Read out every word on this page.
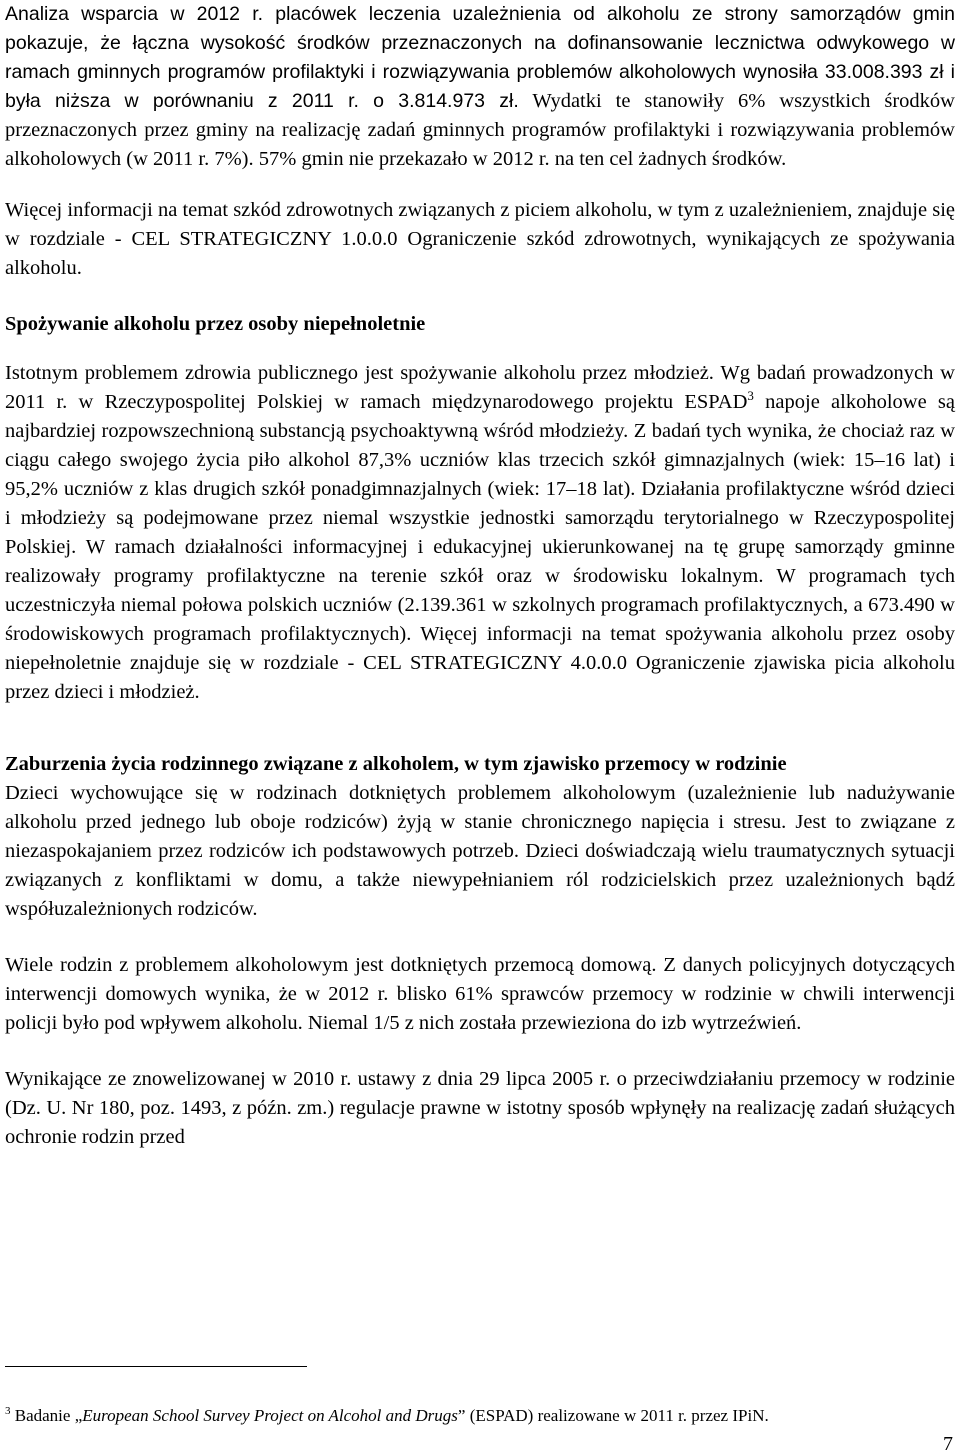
Analiza wsparcia w 2012 r. placówek leczenia uzależnienia od alkoholu ze strony samorządów gmin pokazuje, że łączna wysokość środków przeznaczonych na dofinansowanie lecznictwa odwykowego w ramach gminnych programów profilaktyki i rozwiązywania problemów alkoholowych wynosiła 33.008.393 zł i była niższa w porównaniu z 2011 r. o 3.814.973 zł. Wydatki te stanowiły 6% wszystkich środków przeznaczonych przez gminy na realizację zadań gminnych programów profilaktyki i rozwiązywania problemów alkoholowych (w 2011 r. 7%). 57% gmin nie przekazało w 2012 r. na ten cel żadnych środków.

Więcej informacji na temat szkód zdrowotnych związanych z piciem alkoholu, w tym z uzależnieniem, znajduje się w rozdziale - CEL STRATEGICZNY 1.0.0.0 Ograniczenie szkód zdrowotnych, wynikających ze spożywania alkoholu.

Spożywanie alkoholu przez osoby niepełnoletnie

Istotnym problemem zdrowia publicznego jest spożywanie alkoholu przez młodzież. Wg badań prowadzonych w 2011 r. w Rzeczypospolitej Polskiej w ramach międzynarodowego projektu ESPAD$^3$ napoje alkoholowe są najbardziej rozpowszechnioną substancją psychoaktywną wśród młodzieży. Z badań tych wynika, że chociaż raz w ciągu całego swojego życia piło alkohol 87,3% uczniów klas trzecich szkół gimnazjalnych (wiek: 15–16 lat) i 95,2% uczniów z klas drugich szkół ponadgimnazjalnych (wiek: 17–18 lat). Działania profilaktyczne wśród dzieci i młodzieży są podejmowane przez niemal wszystkie jednostki samorządu terytorialnego w Rzeczypospolitej Polskiej. W ramach działalności informacyjnej i edukacyjnej ukierunkowanej na tę grupę samorządy gminne realizowały programy profilaktyczne na terenie szkół oraz w środowisku lokalnym. W programach tych uczestniczyła niemal połowa polskich uczniów (2.139.361 w szkolnych programach profilaktycznych, a 673.490 w środowiskowych programach profilaktycznych). Więcej informacji na temat spożywania alkoholu przez osoby niepełnoletnie znajduje się w rozdziale - CEL STRATEGICZNY 4.0.0.0 Ograniczenie zjawiska picia alkoholu przez dzieci i młodzież.

Zaburzenia życia rodzinnego związane z alkoholem, w tym zjawisko przemocy w rodzinie

Dzieci wychowujące się w rodzinach dotkniętych problemem alkoholowym (uzależnienie lub nadużywanie alkoholu przed jednego lub oboje rodziców) żyją w stanie chronicznego napięcia i stresu. Jest to związane z niezaspokajaniem przez rodziców ich podstawowych potrzeb. Dzieci doświadczają wielu traumatycznych sytuacji związanych z konfliktami w domu, a także niewypełnianiem ról rodzicielskich przez uzależnionych bądź współuzależnionych rodziców.

Wiele rodzin z problemem alkoholowym jest dotkniętych przemocą domową. Z danych policyjnych dotyczących interwencji domowych wynika, że w 2012 r. blisko 61% sprawców przemocy w rodzinie w chwili interwencji policji było pod wpływem alkoholu. Niemal 1/5 z nich została przewieziona do izb wytrzeźwień.

Wynikające ze znowelizowanej w 2010 r. ustawy z dnia 29 lipca 2005 r. o przeciwdziałaniu przemocy w rodzinie (Dz. U. Nr 180, poz. 1493, z późn. zm.) regulacje prawne w istotny sposób wpłynęły na realizację zadań służących ochronie rodzin przed

$^3$ Badanie „European School Survey Project on Alcohol and Drugs” (ESPAD) realizowane w 2011 r. przez IPiN.
7
